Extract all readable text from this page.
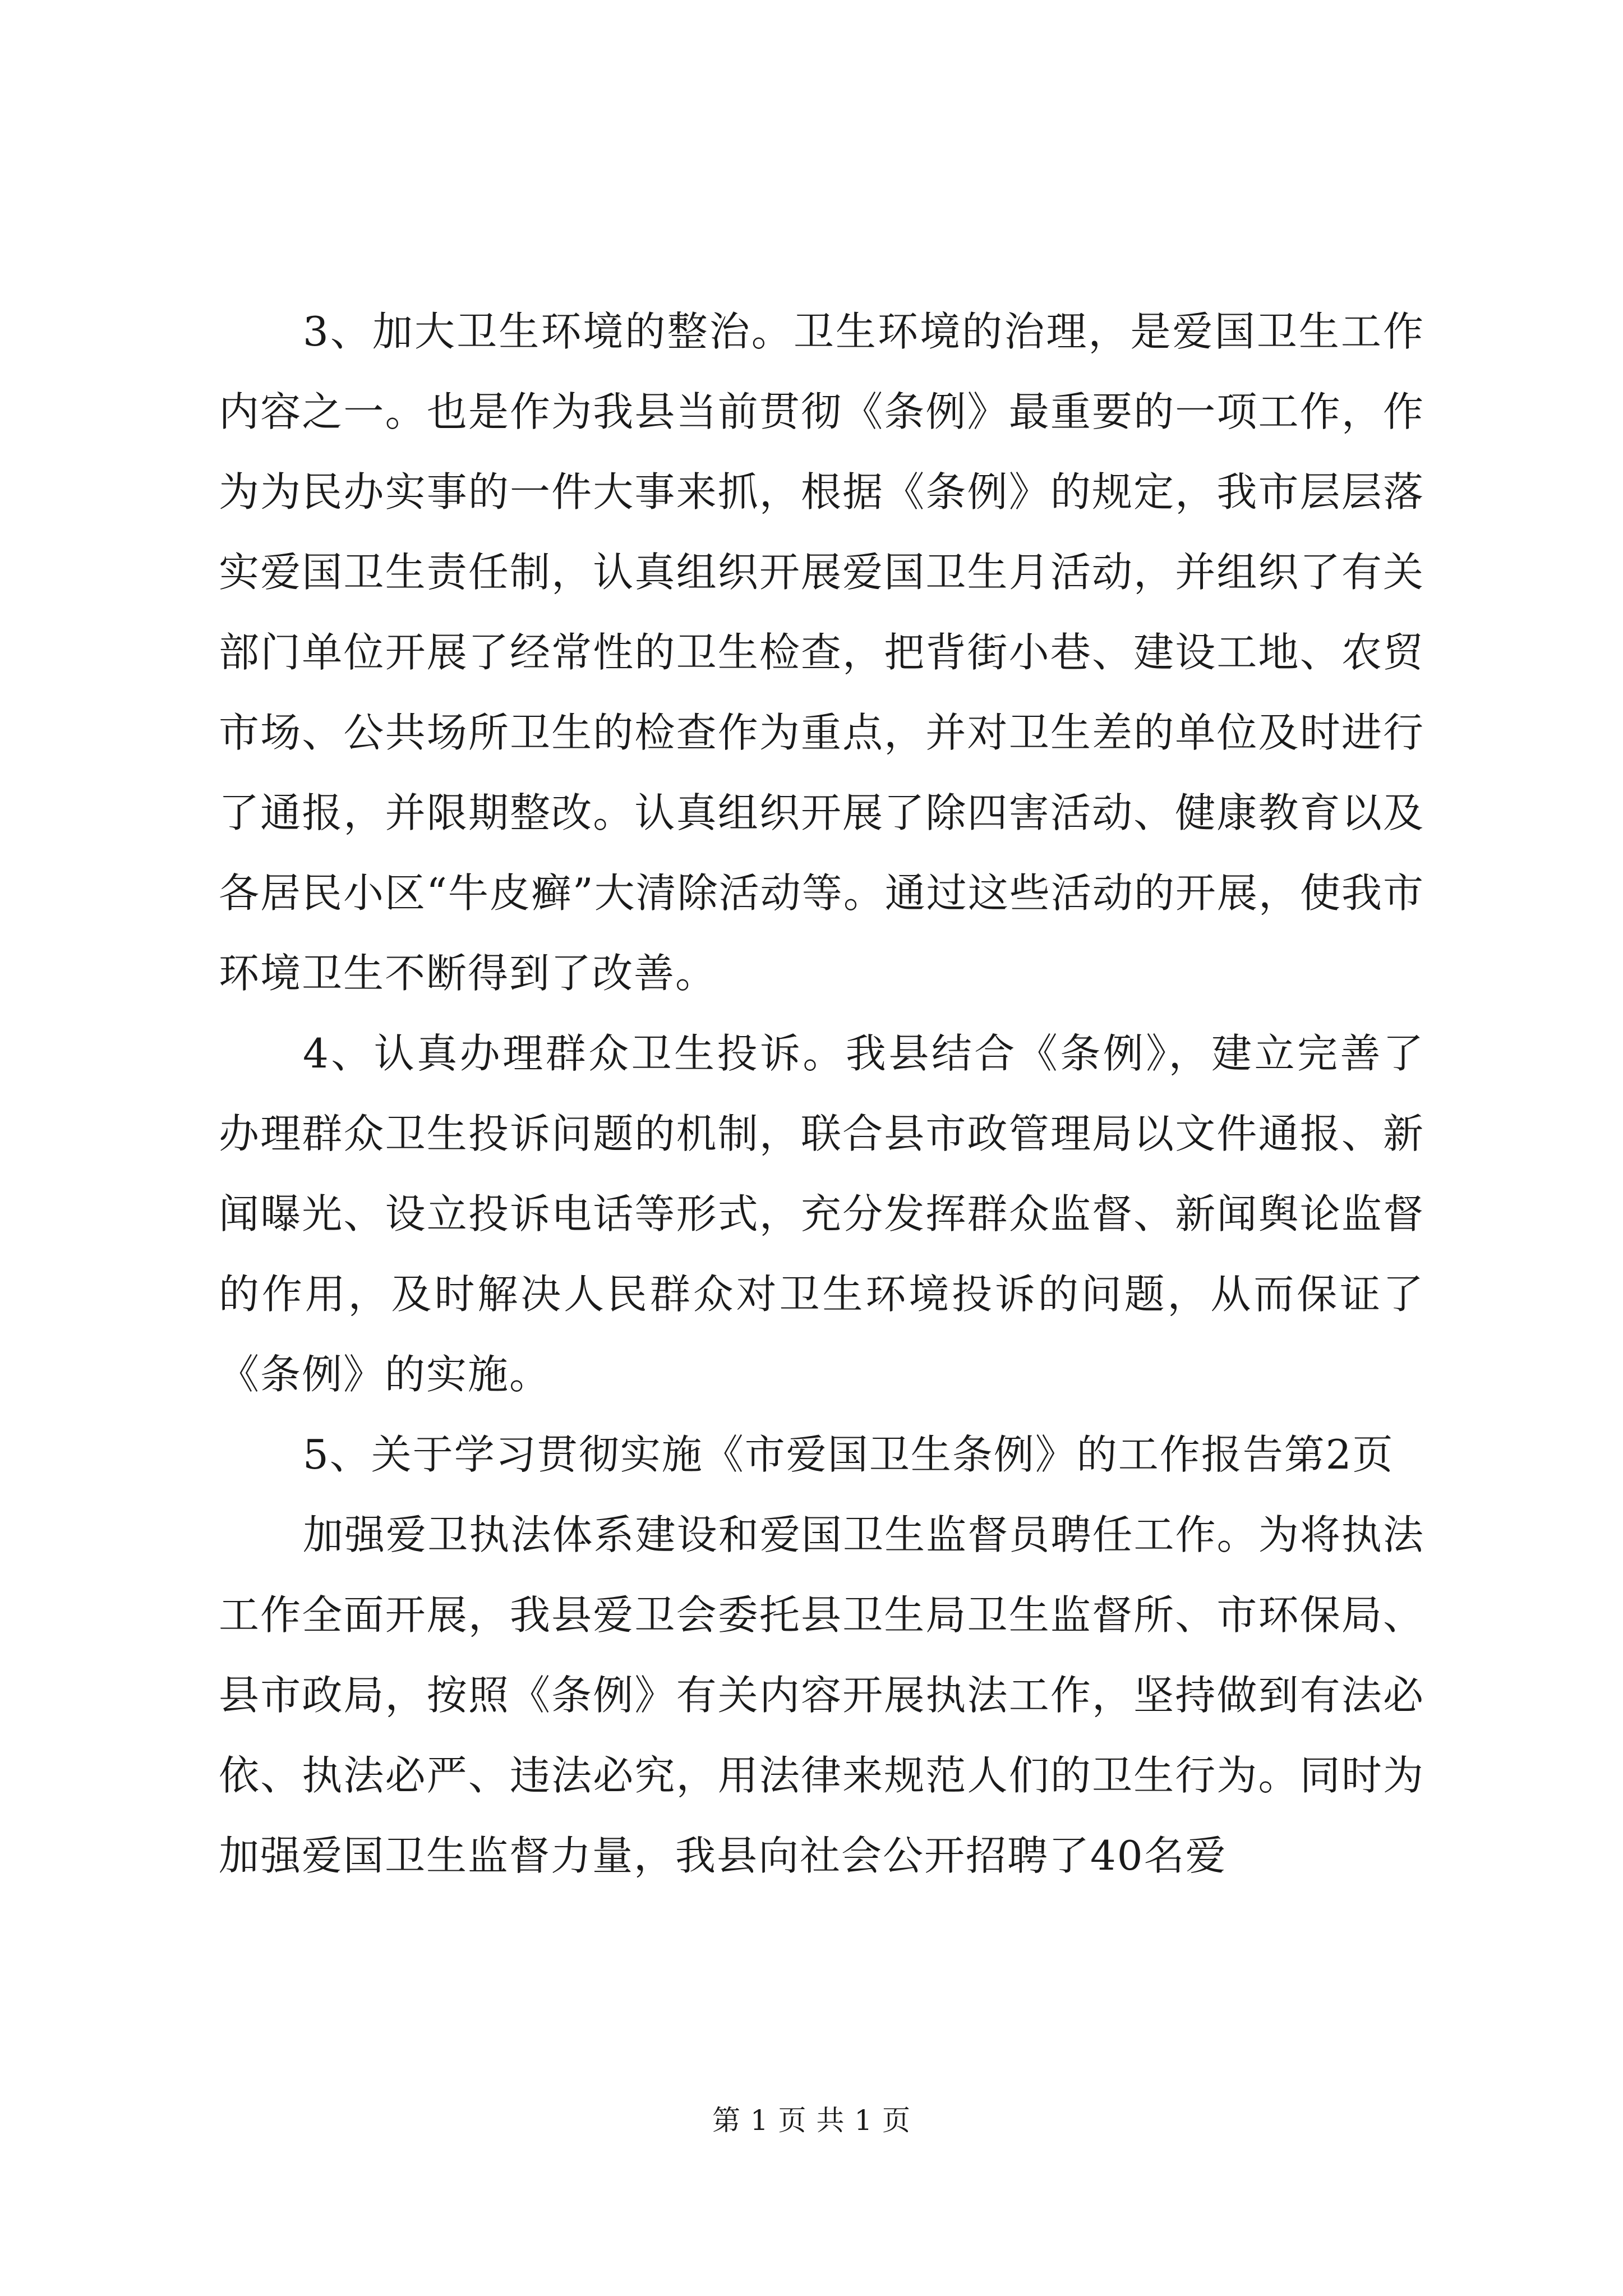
3、加大卫生环境的整治。卫生环境的治理，是爱国卫生工作内容之一。也是作为我县当前贯彻《条例》最重要的一项工作，作为为民办实事的一件大事来抓，根据《条例》的规定，我市层层落实爱国卫生责任制，认真组织开展爱国卫生月活动，并组织了有关部门单位开展了经常性的卫生检查，把背街小巷、建设工地、农贸市场、公共场所卫生的检查作为重点，并对卫生差的单位及时进行了通报，并限期整改。认真组织开展了除四害活动、健康教育以及各居民小区“牛皮癣”大清除活动等。通过这些活动的开展，使我市环境卫生不断得到了改善。

4、认真办理群众卫生投诉。我县结合《条例》，建立完善了办理群众卫生投诉问题的机制，联合县市政管理局以文件通报、新闻曝光、设立投诉电话等形式，充分发挥群众监督、新闻舆论监督的作用，及时解决人民群众对卫生环境投诉的问题，从而保证了《条例》的实施。

5、关于学习贯彻实施《市爱国卫生条例》的工作报告第2页

加强爱卫执法体系建设和爱国卫生监督员聘任工作。为将执法工作全面开展，我县爱卫会委托县卫生局卫生监督所、市环保局、县市政局，按照《条例》有关内容开展执法工作，坚持做到有法必依、执法必严、违法必究，用法律来规范人们的卫生行为。同时为加强爱国卫生监督力量，我县向社会公开招聘了40名爱

第 1 页 共 1 页
